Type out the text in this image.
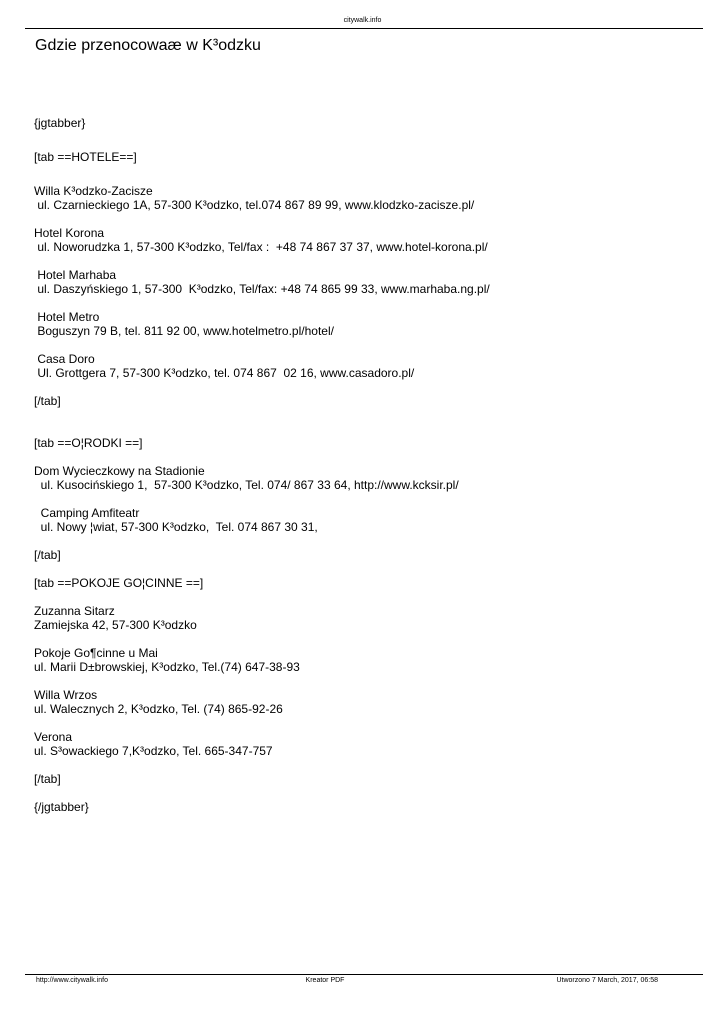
citywalk.info
Gdzie przenocowaæ w K³odzku

{jgtabber}

[tab ==HOTELE==]

Willa K³odzko-Zacisze
ul. Czarnieckiego 1A, 57-300 K³odzko, tel.074 867 89 99, www.klodzko-zacisze.pl/

Hotel Korona
ul. Noworudzka 1, 57-300 K³odzko, Tel/fax :  +48 74 867 37 37, www.hotel-korona.pl/

Hotel Marhaba
ul. Daszyńskiego 1, 57-300  K³odzko, Tel/fax: +48 74 865 99 33, www.marhaba.ng.pl/

Hotel Metro
Boguszyn 79 B, tel. 811 92 00, www.hotelmetro.pl/hotel/

Casa Doro
Ul. Grottgera 7, 57-300 K³odzko, tel. 074 867  02 16, www.casadoro.pl/

[/tab]

[tab ==O¦RODKI ==]

Dom Wycieczkowy na Stadionie
ul. Kusocińskiego 1,  57-300 K³odzko, Tel. 074/ 867 33 64, http://www.kcksir.pl/

Camping Amfiteatr
ul. Nowy ¦wiat, 57-300 K³odzko,  Tel. 074 867 30 31,

[/tab]

[tab ==POKOJE GO¦CINNE ==]

Zuzanna Sitarz
Zamiejska 42, 57-300 K³odzko

Pokoje Go¶cinne u Mai
ul. Marii D±browskiej, K³odzko, Tel.(74) 647-38-93

Willa Wrzos
ul. Walecznych 2, K³odzko, Tel. (74) 865-92-26

Verona
ul. S³owackiego 7,K³odzko, Tel. 665-347-757

[/tab]

{/jgtabber}

http://www.citywalk.info	Kreator PDF	Utworzono 7 March, 2017, 06:58
